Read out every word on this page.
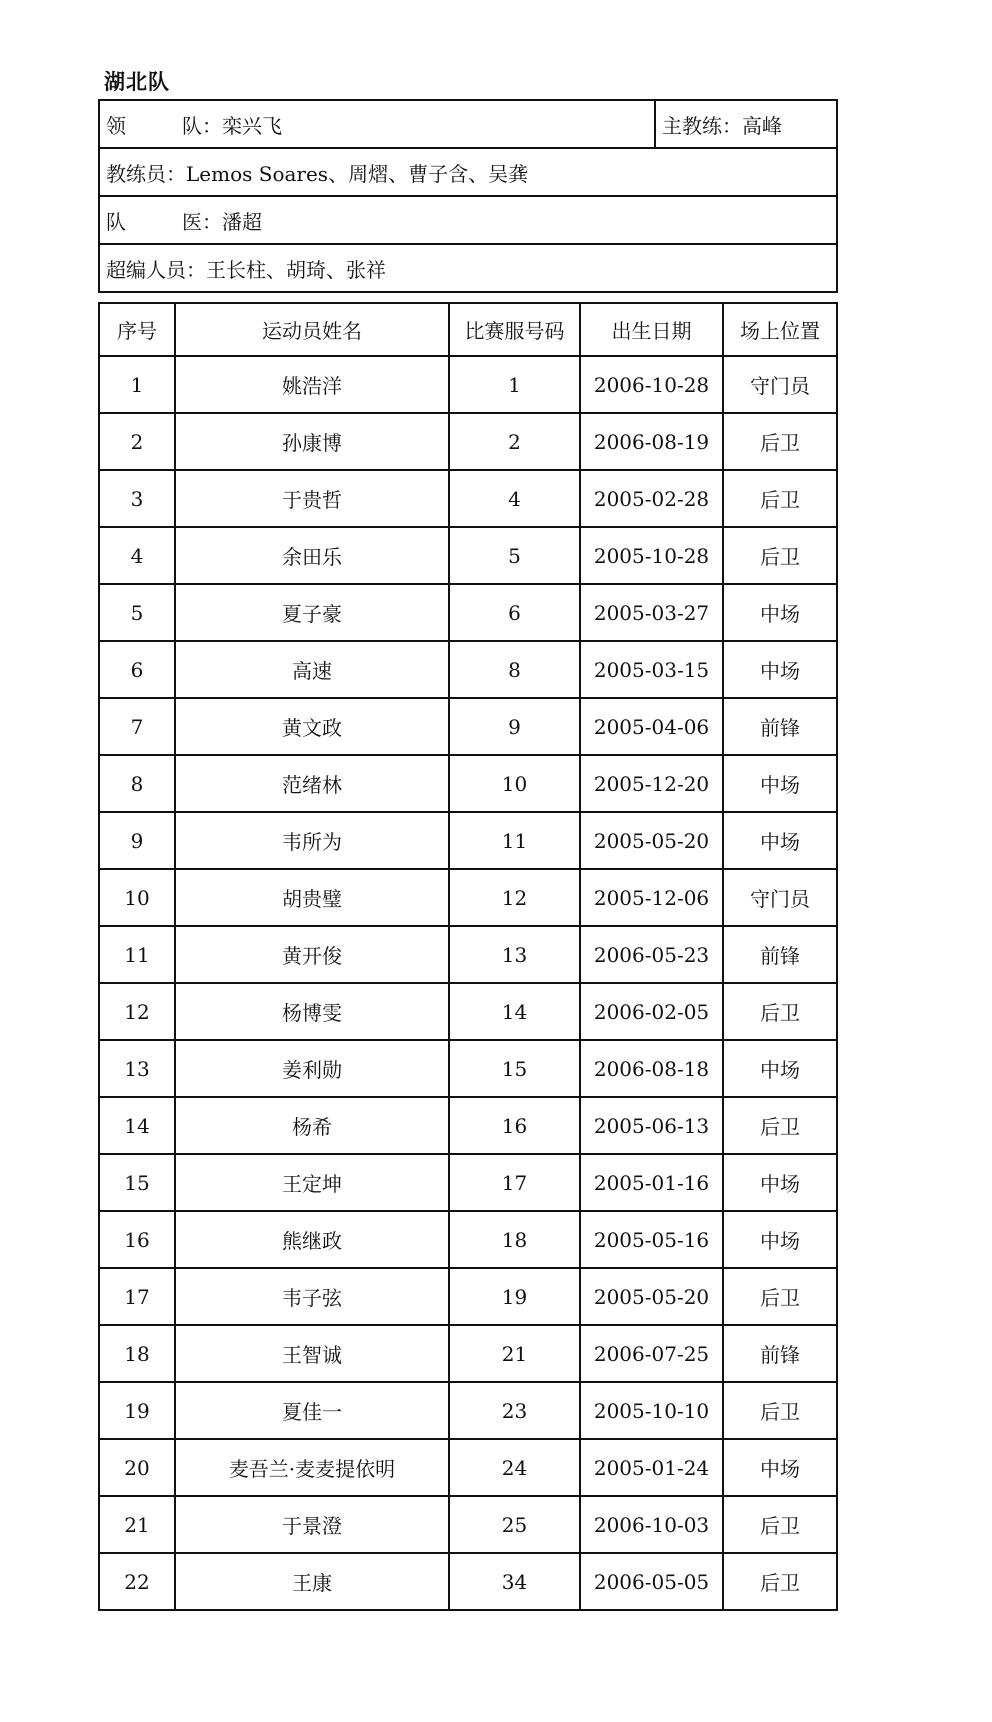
湖北队
领	队：栾兴飞	主教练：高峰
教练员：Lemos Soares、周熠、曹子含、吴龚
队	医：潘超
超编人员：王长柱、胡琦、张祥
序号	运动员姓名	比赛服号码	出生日期	场上位置
1	姚浩洋	1	2006-10-28	守门员
2	孙康博	2	2006-08-19	后卫
3	于贵哲	4	2005-02-28	后卫
4	余田乐	5	2005-10-28	后卫
5	夏子豪	6	2005-03-27	中场
6	高速	8	2005-03-15	中场
7	黄文政	9	2005-04-06	前锋
8	范绪林	10	2005-12-20	中场
9	韦所为	11	2005-05-20	中场
10	胡贵璧	12	2005-12-06	守门员
11	黄开俊	13	2006-05-23	前锋
12	杨博雯	14	2006-02-05	后卫
13	姜利勋	15	2006-08-18	中场
14	杨希	16	2005-06-13	后卫
15	王定坤	17	2005-01-16	中场
16	熊继政	18	2005-05-16	中场
17	韦子弦	19	2005-05-20	后卫
18	王智诚	21	2006-07-25	前锋
19	夏佳一	23	2005-10-10	后卫
20	麦吾兰·麦麦提依明	24	2005-01-24	中场
21	于景澄	25	2006-10-03	后卫
22	王康	34	2006-05-05	后卫
